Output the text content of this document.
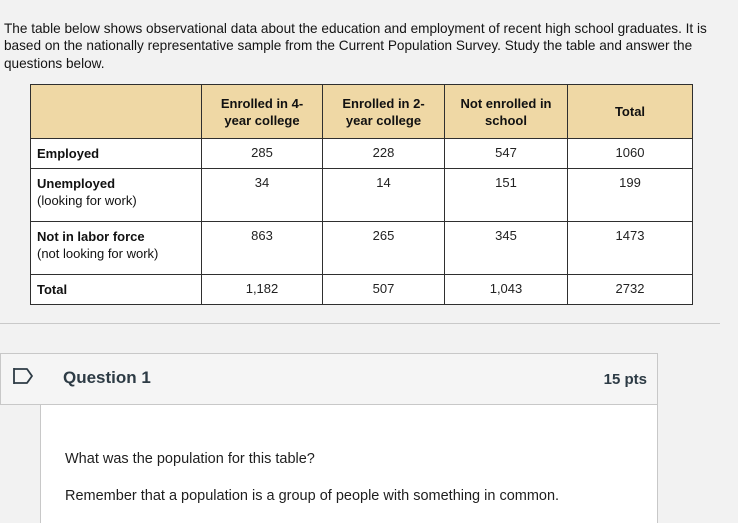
The table below shows observational data about the education and employment of recent high school graduates. It is based on the nationally representative sample from the Current Population Survey. Study the table and answer the questions below.

	Enrolled in 4-year college	Enrolled in 2-year college	Not enrolled in school	Total
Employed	285	228	547	1060
Unemployed
(looking for work)	34	14	151	199
Not in labor force
(not looking for work)	863	265	345	1473
Total	1,182	507	1,043	2732
Question 1	15 pts

What was the population for this table?

Remember that a population is a group of people with something in common.
